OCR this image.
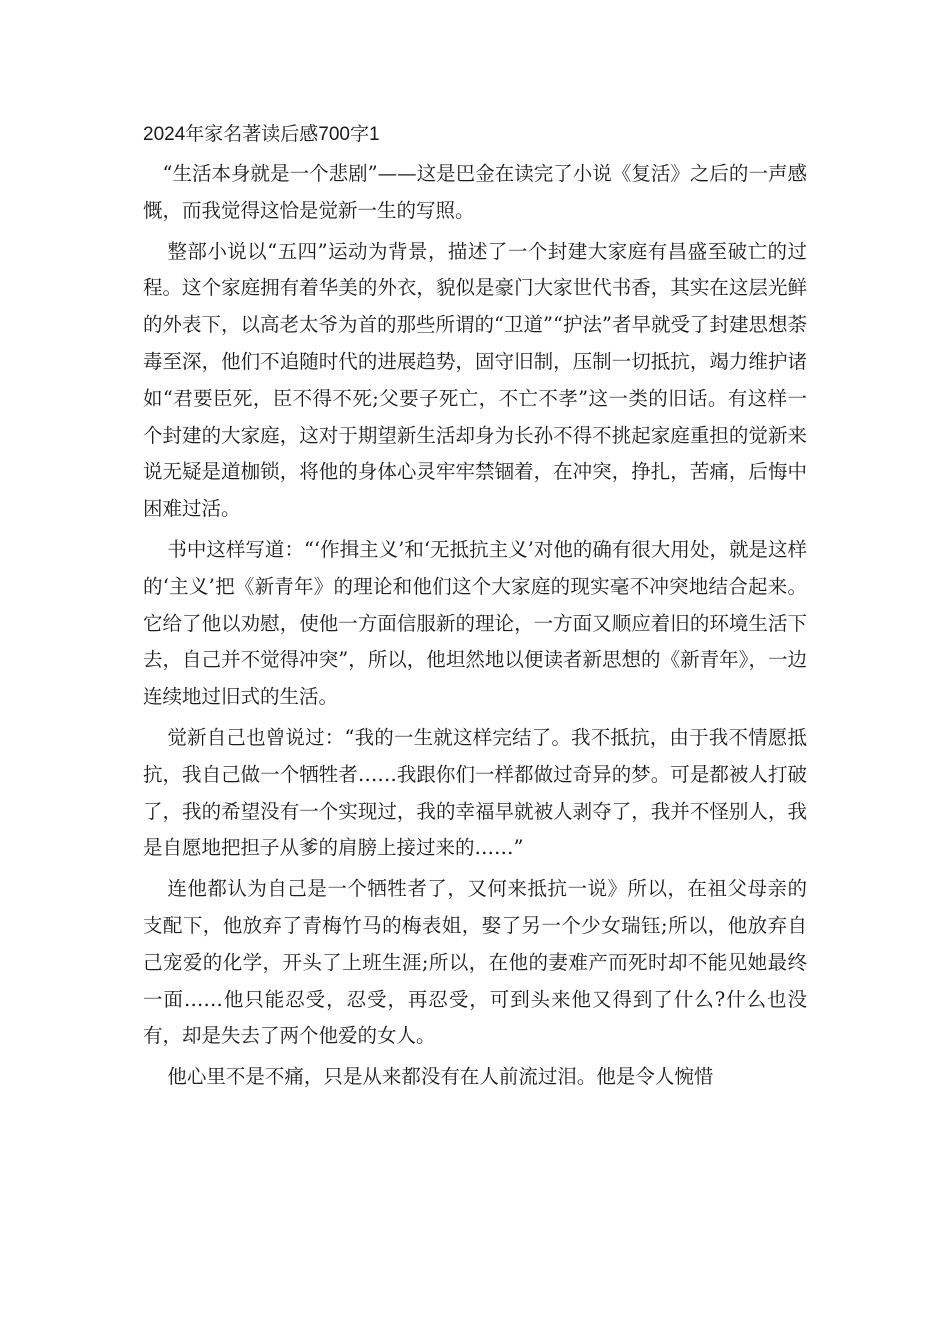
2024年家名著读后感700字1

“生活本身就是一个悲剧”——这是巴金在读完了小说《复活》之后的一声感慨，而我觉得这恰是觉新一生的写照。

整部小说以“五四”运动为背景，描述了一个封建大家庭有昌盛至破亡的过程。这个家庭拥有着华美的外衣，貌似是豪门大家世代书香，其实在这层光鲜的外表下，以高老太爷为首的那些所谓的“卫道”“护法”者早就受了封建思想荼毒至深，他们不追随时代的进展趋势，固守旧制，压制一切抵抗，竭力维护诸如“君要臣死，臣不得不死;父要子死亡，不亡不孝”这一类的旧话。有这样一个封建的大家庭，这对于期望新生活却身为长孙不得不挑起家庭重担的觉新来说无疑是道枷锁，将他的身体心灵牢牢禁锢着，在冲突，挣扎，苦痛，后悔中困难过活。

书中这样写道：“‘作揖主义’和‘无抵抗主义’对他的确有很大用处，就是这样的‘主义’把《新青年》的理论和他们这个大家庭的现实毫不冲突地结合起来。它给了他以劝慰，使他一方面信服新的理论，一方面又顺应着旧的环境生活下去，自己并不觉得冲突”，所以，他坦然地以便读者新思想的《新青年》，一边连续地过旧式的生活。

觉新自己也曾说过：“我的一生就这样完结了。我不抵抗，由于我不情愿抵抗，我自己做一个牺牲者……我跟你们一样都做过奇异的梦。可是都被人打破了，我的希望没有一个实现过，我的幸福早就被人剥夺了，我并不怪别人，我是自愿地把担子从爹的肩膀上接过来的……”

连他都认为自己是一个牺牲者了，又何来抵抗一说》所以，在祖父母亲的支配下，他放弃了青梅竹马的梅表姐，娶了另一个少女瑞钰;所以，他放弃自己宠爱的化学，开头了上班生涯;所以，在他的妻难产而死时却不能见她最终一面……他只能忍受，忍受，再忍受，可到头来他又得到了什么?什么也没有，却是失去了两个他爱的女人。

他心里不是不痛，只是从来都没有在人前流过泪。他是令人惋惜
